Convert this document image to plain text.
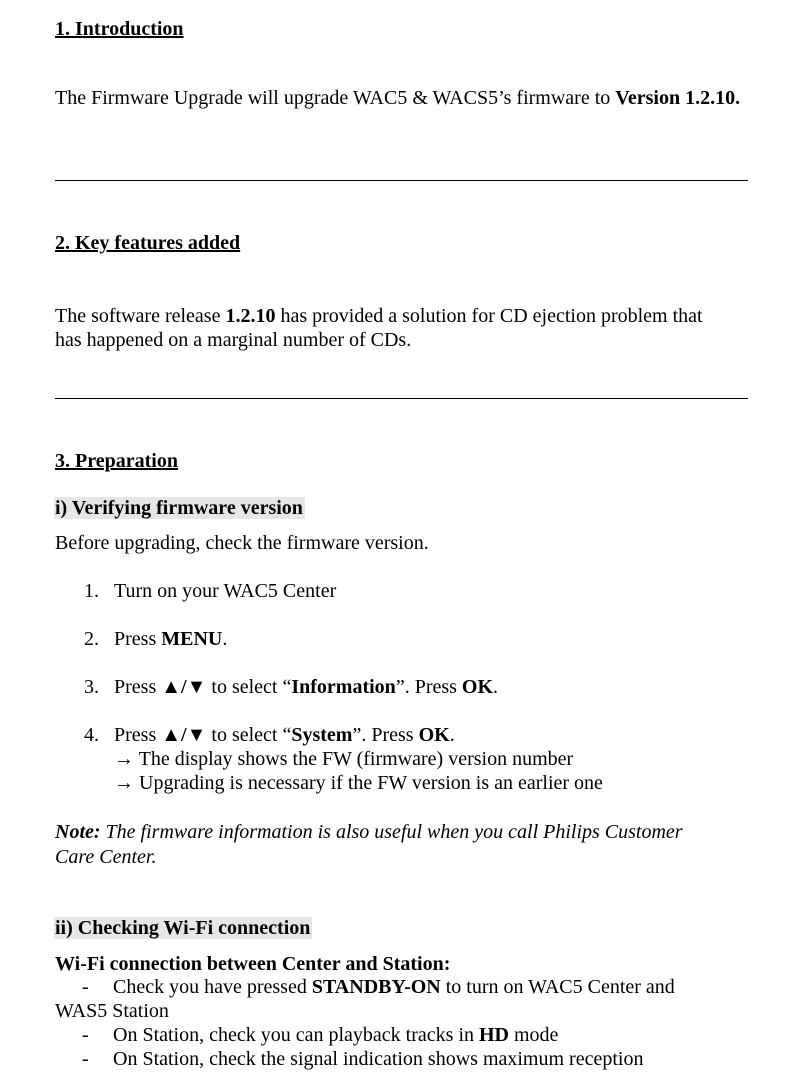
1. Introduction
The Firmware Upgrade will upgrade WAC5 & WACS5’s firmware to Version 1.2.10.
2. Key features added
The software release 1.2.10 has provided a solution for CD ejection problem that
has happened on a marginal number of CDs.
3. Preparation
i) Verifying firmware version
Before upgrading, check the firmware version.
1. Turn on your WAC5 Center
2. Press MENU.
3. Press ▲/▼ to select “Information”. Press OK.
4. Press ▲/▼ to select “System”. Press OK.
→ The display shows the FW (firmware) version number
→ Upgrading is necessary if the FW version is an earlier one
Note: The firmware information is also useful when you call Philips Customer
Care Center.
ii) Checking Wi-Fi connection
Wi-Fi connection between Center and Station:
- Check you have pressed STANDBY-ON to turn on WAC5 Center and
WAS5 Station
- On Station, check you can playback tracks in HD mode
- On Station, check the signal indication shows maximum reception
